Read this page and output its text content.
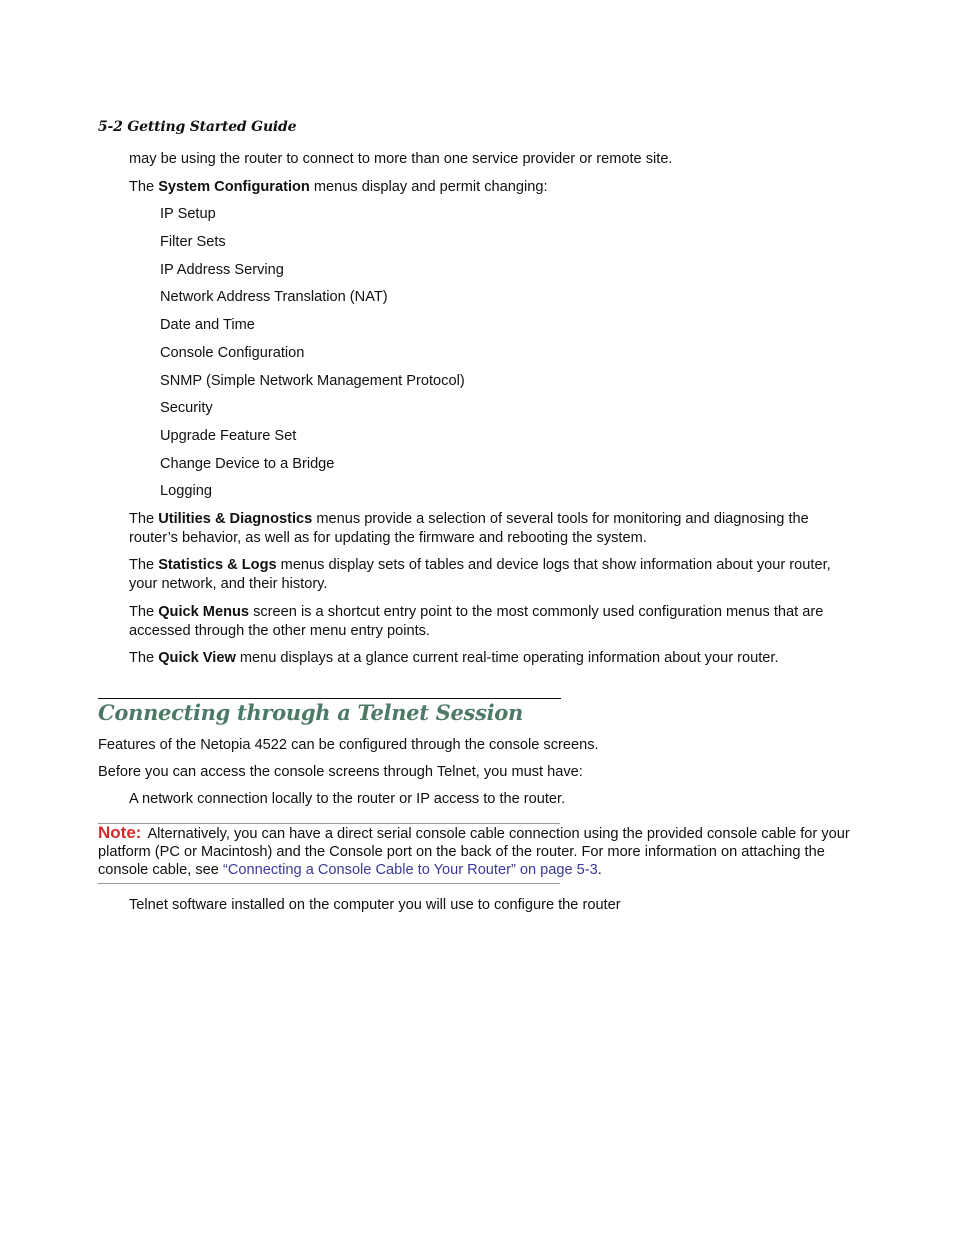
5-2 Getting Started Guide

may be using the router to connect to more than one service provider or remote site.

The System Configuration menus display and permit changing:

IP Setup

Filter Sets

IP Address Serving

Network Address Translation (NAT)

Date and Time

Console Configuration

SNMP (Simple Network Management Protocol)

Security

Upgrade Feature Set

Change Device to a Bridge

Logging

The Utilities & Diagnostics menus provide a selection of several tools for monitoring and diagnosing the router’s behavior, as well as for updating the firmware and rebooting the system.

The Statistics & Logs menus display sets of tables and device logs that show information about your router, your network, and their history.

The Quick Menus screen is a shortcut entry point to the most commonly used configuration menus that are accessed through the other menu entry points.

The Quick View menu displays at a glance current real-time operating information about your router.

Connecting through a Telnet Session

Features of the Netopia 4522 can be configured through the console screens.

Before you can access the console screens through Telnet, you must have:

A network connection locally to the router or IP access to the router.

Note: Alternatively, you can have a direct serial console cable connection using the provided console cable for your platform (PC or Macintosh) and the Console port on the back of the router. For more information on attaching the console cable, see “Connecting a Console Cable to Your Router” on page 5-3.

Telnet software installed on the computer you will use to configure the router
